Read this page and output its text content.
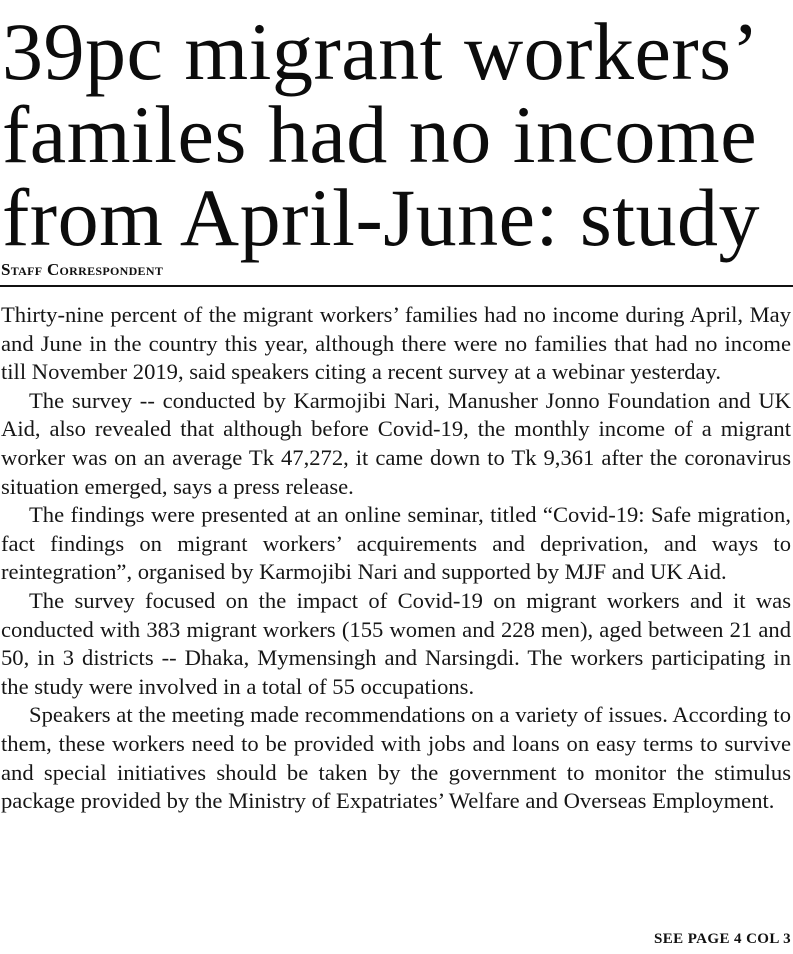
39pc migrant workers’
familes had no income
from April-June: study
Staff Correspondent

Thirty-nine percent of the migrant workers’ families had no income during April, May and June in the country this year, although there were no families that had no income till November 2019, said speakers citing a recent survey at a webinar yesterday.

The survey -- conducted by Karmojibi Nari, Manusher Jonno Foundation and UK Aid, also revealed that although before Covid-19, the monthly income of a migrant worker was on an average Tk 47,272, it came down to Tk 9,361 after the coronavirus situation emerged, says a press release.

The findings were presented at an online seminar, titled “Covid-19: Safe migration, fact findings on migrant workers’ acquirements and deprivation, and ways to reintegration”, organised by Karmojibi Nari and supported by MJF and UK Aid.

The survey focused on the impact of Covid-19 on migrant workers and it was conducted with 383 migrant workers (155 women and 228 men), aged between 21 and 50, in 3 districts -- Dhaka, Mymensingh and Narsingdi. The workers participating in the study were involved in a total of 55 occupations.

Speakers at the meeting made recommendations on a variety of issues. According to them, these workers need to be provided with jobs and loans on easy terms to survive and special initiatives should be taken by the government to monitor the stimulus package provided by the Ministry of Expatriates’ Welfare and Overseas Employment.

SEE PAGE 4 COL 3
